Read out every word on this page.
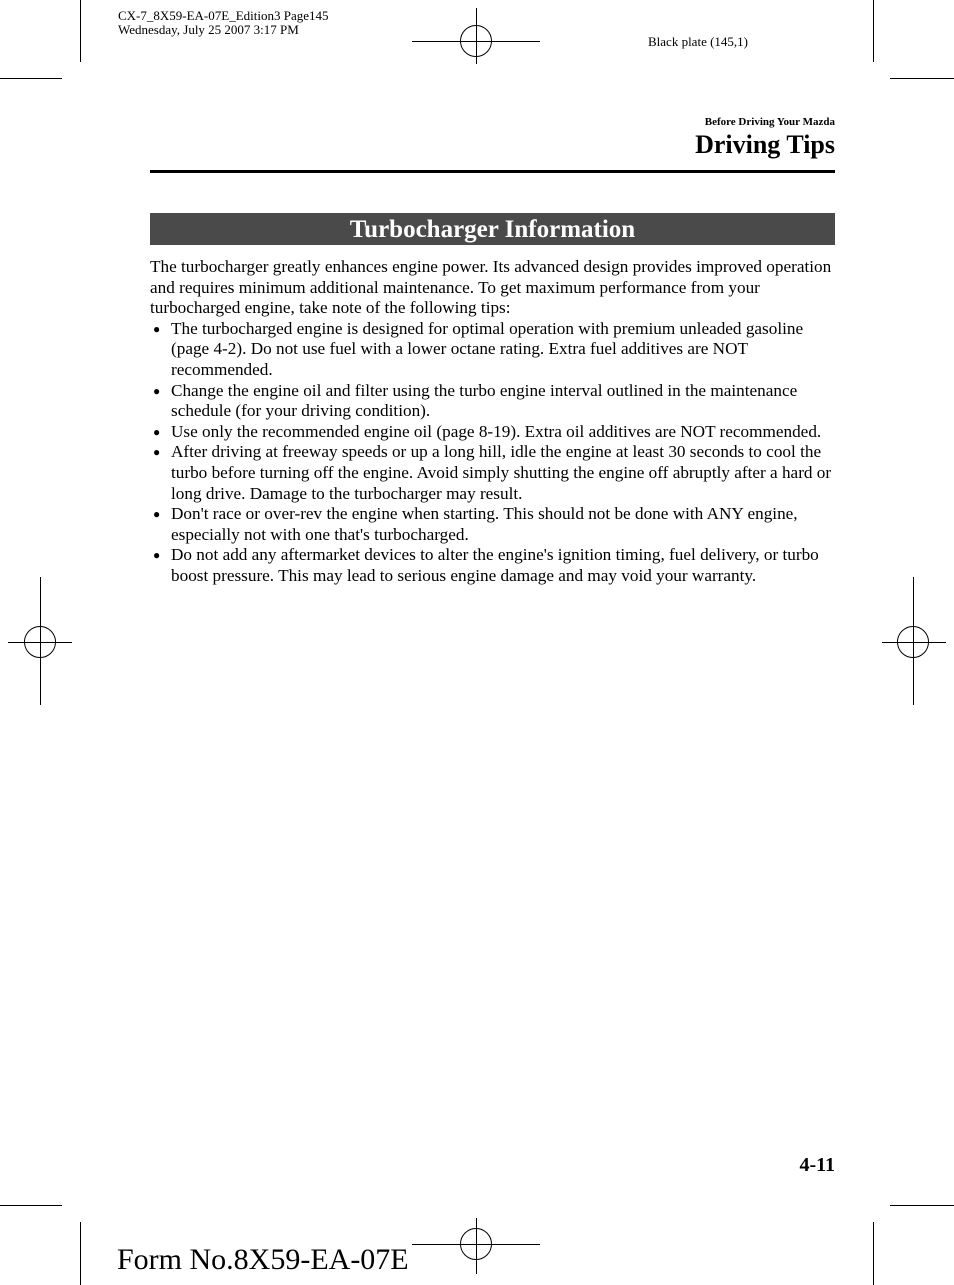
CX-7_8X59-EA-07E_Edition3 Page145
Wednesday, July 25 2007 3:17 PM
Black plate (145,1)
Before Driving Your Mazda
Driving Tips
Turbocharger Information

The turbocharger greatly enhances engine power. Its advanced design provides improved operation and requires minimum additional maintenance. To get maximum performance from your turbocharged engine, take note of the following tips:

● The turbocharged engine is designed for optimal operation with premium unleaded gasoline (page 4-2). Do not use fuel with a lower octane rating. Extra fuel additives are NOT recommended.
● Change the engine oil and filter using the turbo engine interval outlined in the maintenance schedule (for your driving condition).
● Use only the recommended engine oil (page 8-19). Extra oil additives are NOT recommended.
● After driving at freeway speeds or up a long hill, idle the engine at least 30 seconds to cool the turbo before turning off the engine. Avoid simply shutting the engine off abruptly after a hard or long drive. Damage to the turbocharger may result.
● Don't race or over-rev the engine when starting. This should not be done with ANY engine, especially not with one that's turbocharged.
● Do not add any aftermarket devices to alter the engine's ignition timing, fuel delivery, or turbo boost pressure. This may lead to serious engine damage and may void your warranty.
4-11
Form No.8X59-EA-07E
